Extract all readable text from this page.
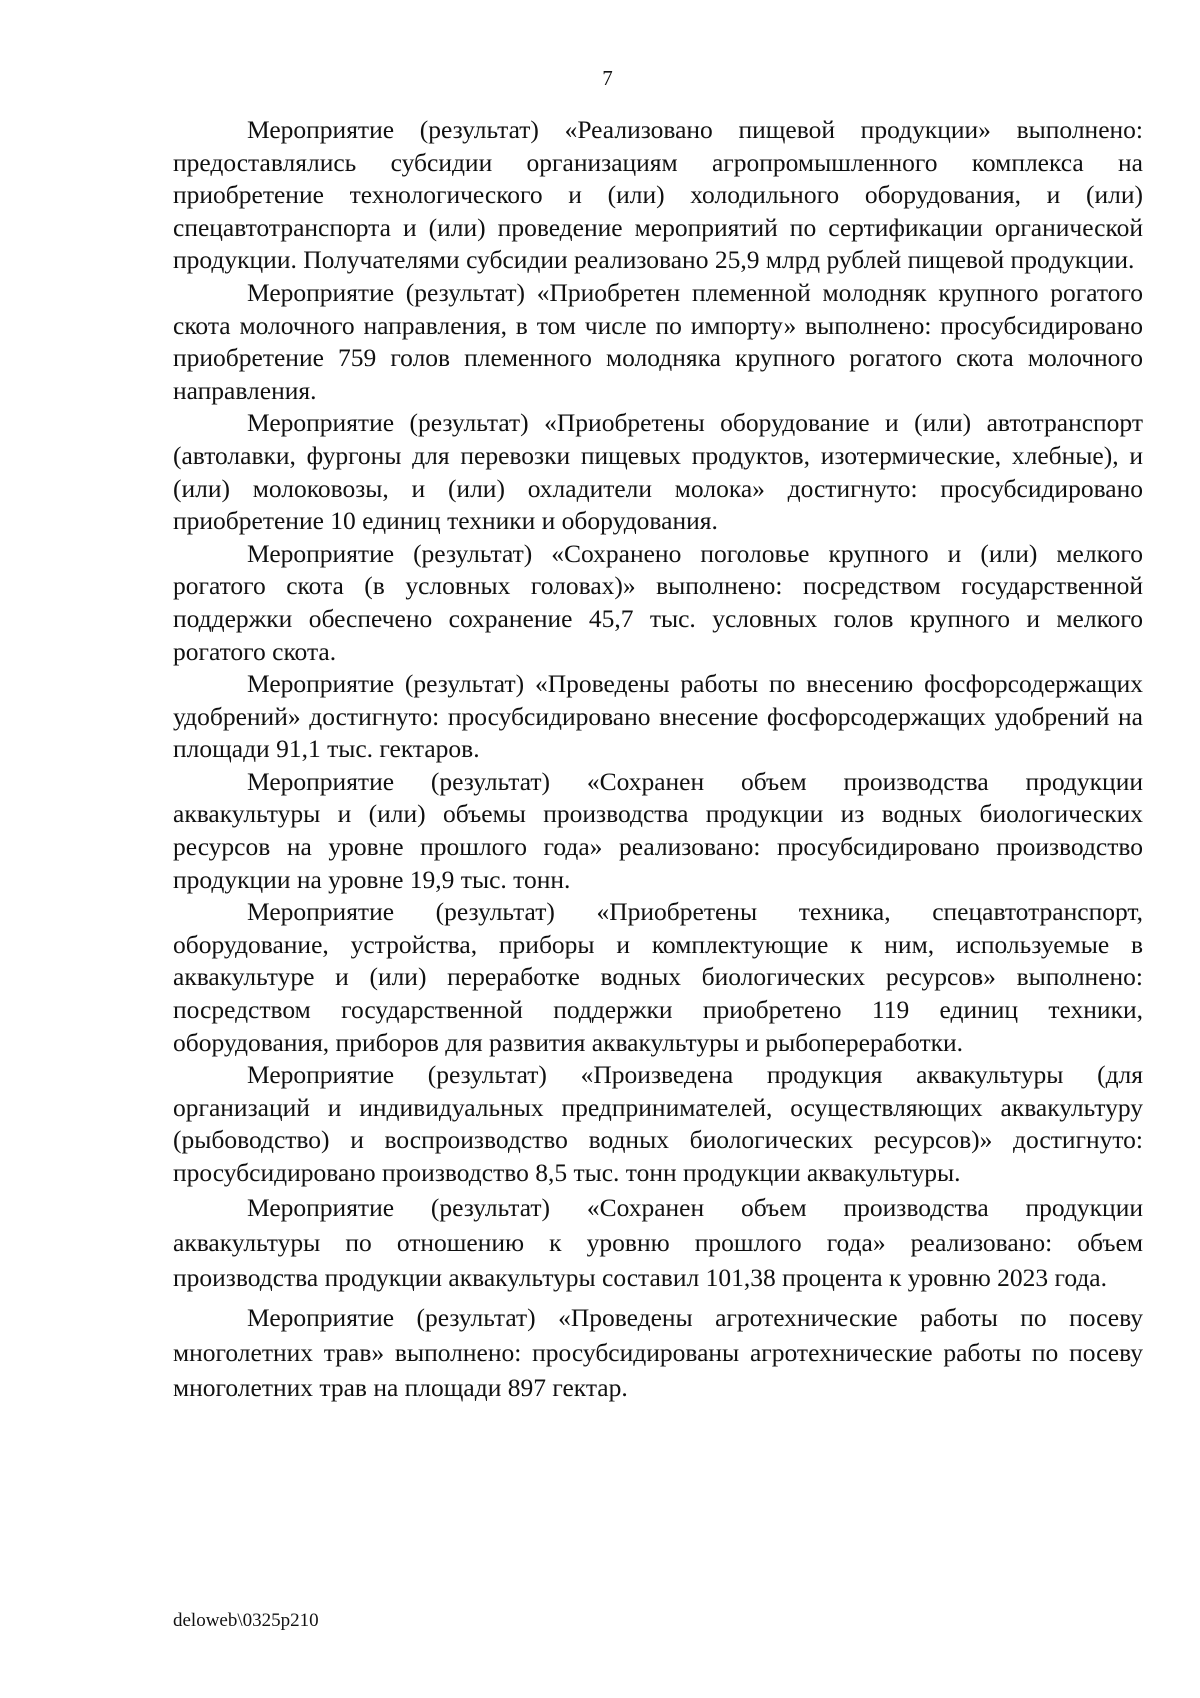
7

Мероприятие (результат) «Реализовано пищевой продукции» выполнено: предоставлялись субсидии организациям агропромышленного комплекса на приобретение технологического и (или) холодильного оборудования, и (или) спецавтотранспорта и (или) проведение мероприятий по сертификации органической продукции. Получателями субсидии реализовано 25,9 млрд рублей пищевой продукции.

Мероприятие (результат) «Приобретен племенной молодняк крупного рогатого скота молочного направления, в том числе по импорту» выполнено: просубсидировано приобретение 759 голов племенного молодняка крупного рогатого скота молочного направления.

Мероприятие (результат) «Приобретены оборудование и (или) автотранспорт (автолавки, фургоны для перевозки пищевых продуктов, изотермические, хлебные), и (или) молоковозы, и (или) охладители молока» достигнуто: просубсидировано приобретение 10 единиц техники и оборудования.

Мероприятие (результат) «Сохранено поголовье крупного и (или) мелкого рогатого скота (в условных головах)» выполнено: посредством государственной поддержки обеспечено сохранение 45,7 тыс. условных голов крупного и мелкого рогатого скота.

Мероприятие (результат) «Проведены работы по внесению фосфорсодержащих удобрений» достигнуто: просубсидировано внесение фосфорсодержащих удобрений на площади 91,1 тыс. гектаров.

Мероприятие (результат) «Сохранен объем производства продукции аквакультуры и (или) объемы производства продукции из водных биологических ресурсов на уровне прошлого года» реализовано: просубсидировано производство продукции на уровне 19,9 тыс. тонн.

Мероприятие (результат) «Приобретены техника, спецавтотранспорт, оборудование, устройства, приборы и комплектующие к ним, используемые в аквакультуре и (или) переработке водных биологических ресурсов» выполнено: посредством государственной поддержки приобретено 119 единиц техники, оборудования, приборов для развития аквакультуры и рыбопереработки.

Мероприятие (результат) «Произведена продукция аквакультуры (для организаций и индивидуальных предпринимателей, осуществляющих аквакультуру (рыбоводство) и воспроизводство водных биологических ресурсов)» достигнуто: просубсидировано производство 8,5 тыс. тонн продукции аквакультуры.

Мероприятие (результат) «Сохранен объем производства продукции аквакультуры по отношению к уровню прошлого года» реализовано: объем производства продукции аквакультуры составил 101,38 процента к уровню 2023 года.

Мероприятие (результат) «Проведены агротехнические работы по посеву многолетних трав» выполнено: просубсидированы агротехнические работы по посеву многолетних трав на площади 897 гектар.

deloweb\0325p210
